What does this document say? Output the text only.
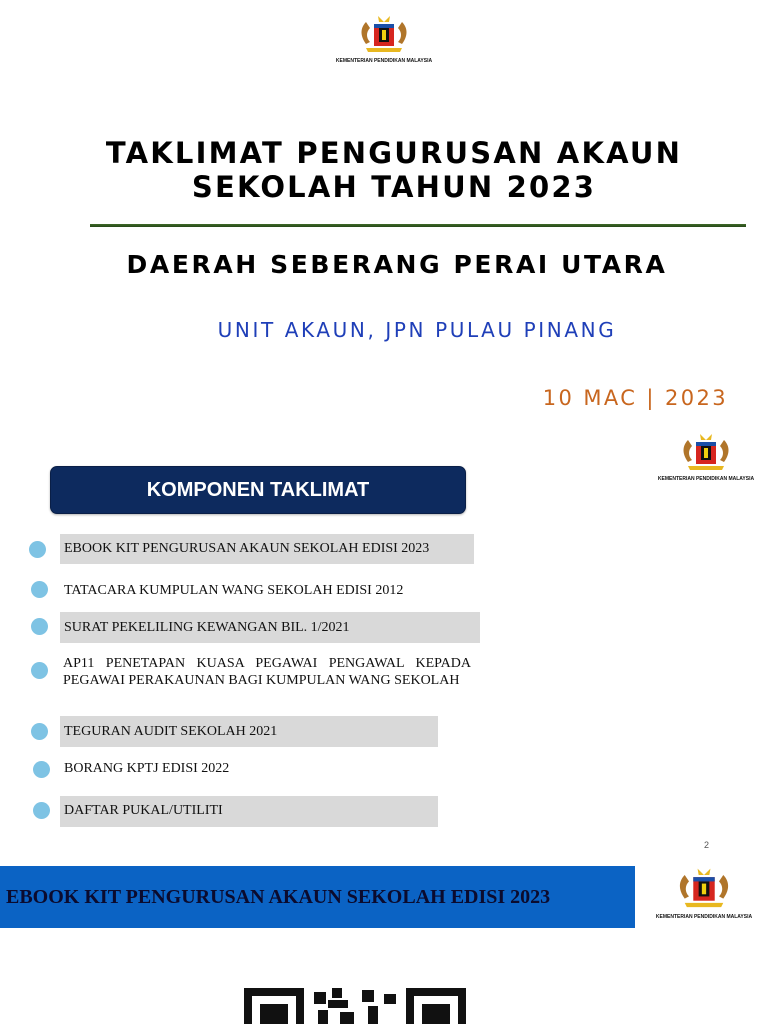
KEMENTERIAN PENDIDIKAN MALAYSIA
TAKLIMAT PENGURUSAN AKAUN
SEKOLAH TAHUN 2023
DAERAH SEBERANG PERAI UTARA
UNIT AKAUN, JPN PULAU PINANG
10 MAC | 2023
KEMENTERIAN PENDIDIKAN MALAYSIA
KOMPONEN TAKLIMAT
EBOOK KIT PENGURUSAN AKAUN SEKOLAH EDISI 2023
TATACARA KUMPULAN WANG SEKOLAH EDISI 2012
SURAT PEKELILING KEWANGAN BIL. 1/2021
AP11 PENETAPAN KUASA PEGAWAI PENGAWAL KEPADA PEGAWAI PERAKAUNAN BAGI KUMPULAN WANG SEKOLAH
TEGURAN AUDIT SEKOLAH 2021
BORANG KPTJ EDISI 2022
DAFTAR PUKAL/UTILITI
2
EBOOK KIT PENGURUSAN AKAUN SEKOLAH EDISI 2023
KEMENTERIAN PENDIDIKAN MALAYSIA
